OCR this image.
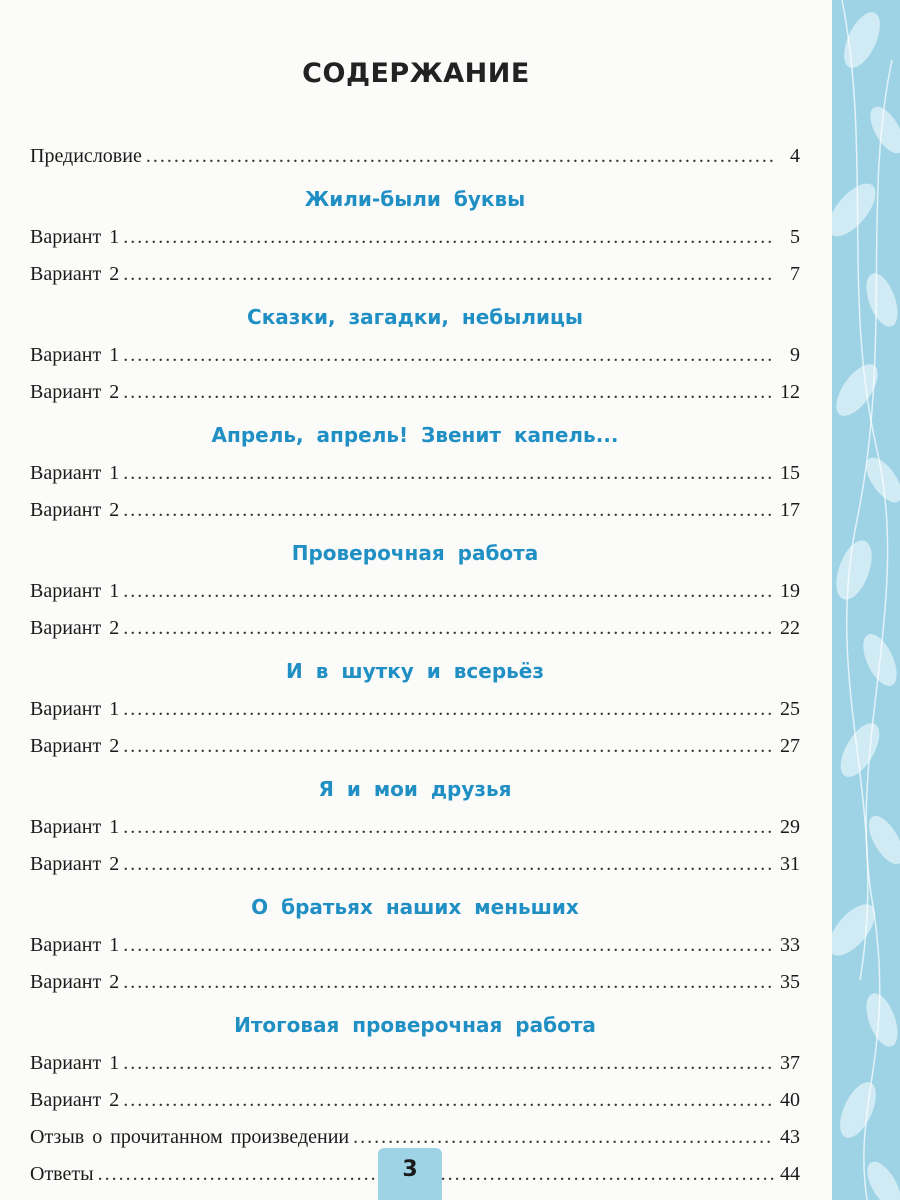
СОДЕРЖАНИЕ
Предисловие .....	4
Жили-были буквы
Вариант 1 .....	5
Вариант 2 .....	7
Сказки, загадки, небылицы
Вариант 1 .....	9
Вариант 2 .....	12
Апрель, апрель! Звенит капель...
Вариант 1 .....	15
Вариант 2 .....	17
Проверочная работа
Вариант 1 .....	19
Вариант 2 .....	22
И в шутку и всерьёз
Вариант 1 .....	25
Вариант 2 .....	27
Я и мои друзья
Вариант 1 .....	29
Вариант 2 .....	31
О братьях наших меньших
Вариант 1 .....	33
Вариант 2 .....	35
Итоговая проверочная работа
Вариант 1 .....	37
Вариант 2 .....	40
Отзыв о прочитанном произведении .....	43
Ответы .....	44
3
